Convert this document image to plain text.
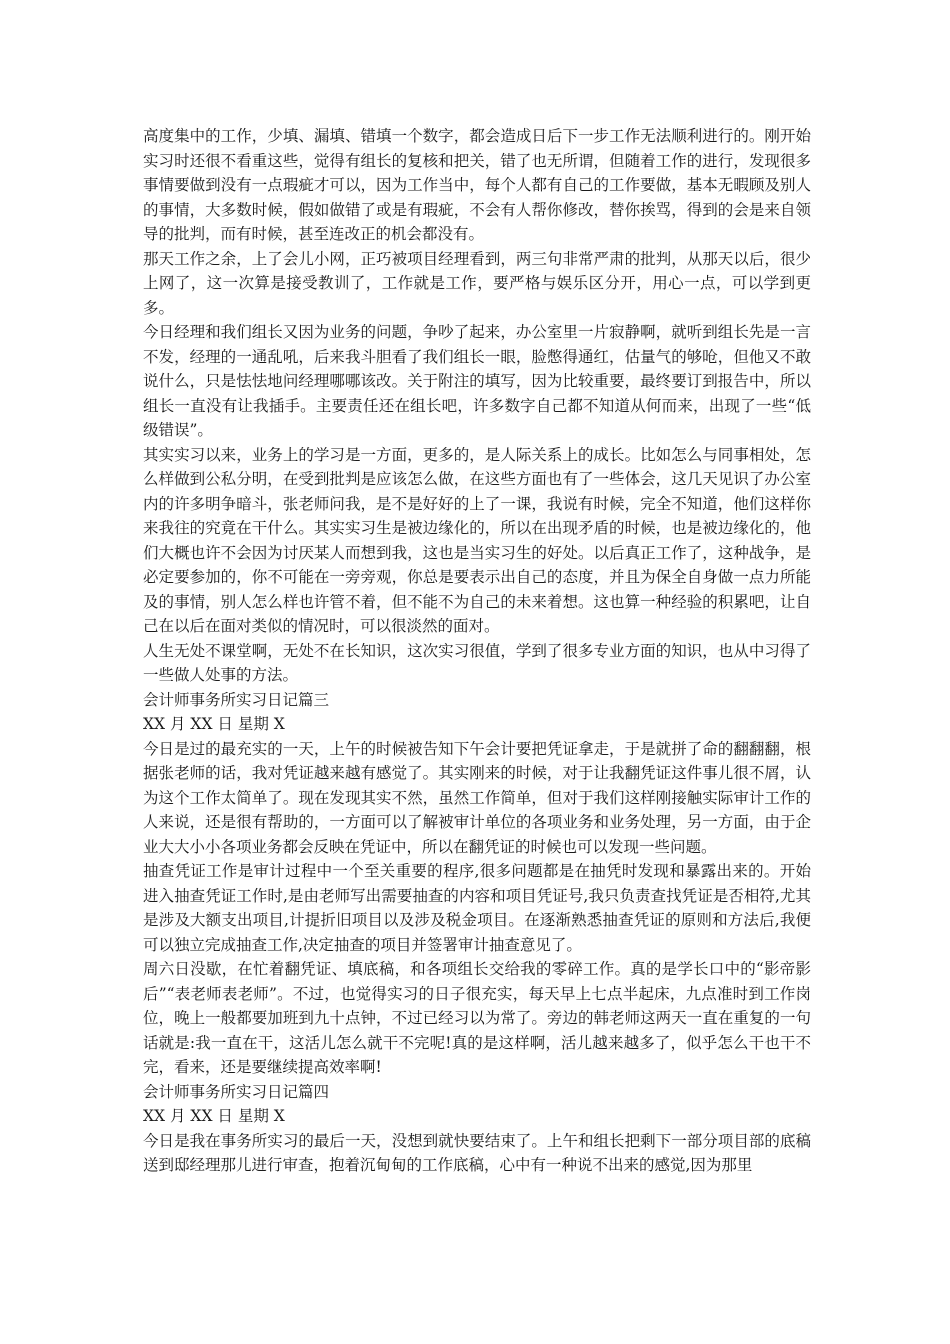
高度集中的工作，少填、漏填、错填一个数字，都会造成日后下一步工作无法顺利进行的。刚开始实习时还很不看重这些，觉得有组长的复核和把关，错了也无所谓，但随着工作的进行，发现很多事情要做到没有一点瑕疵才可以，因为工作当中，每个人都有自己的工作要做，基本无暇顾及别人的事情，大多数时候，假如做错了或是有瑕疵，不会有人帮你修改，替你挨骂，得到的会是来自领导的批判，而有时候，甚至连改正的机会都没有。

那天工作之余，上了会儿小网，正巧被项目经理看到，两三句非常严肃的批判，从那天以后，很少上网了，这一次算是接受教训了，工作就是工作，要严格与娱乐区分开，用心一点，可以学到更多。

今日经理和我们组长又因为业务的问题，争吵了起来，办公室里一片寂静啊，就听到组长先是一言不发，经理的一通乱吼，后来我斗胆看了我们组长一眼，脸憋得通红，估量气的够呛，但他又不敢说什么，只是怯怯地问经理哪哪该改。关于附注的填写，因为比较重要，最终要订到报告中，所以组长一直没有让我插手。主要责任还在组长吧，许多数字自己都不知道从何而来，出现了一些“低级错误”。

其实实习以来，业务上的学习是一方面，更多的，是人际关系上的成长。比如怎么与同事相处，怎么样做到公私分明，在受到批判是应该怎么做，在这些方面也有了一些体会，这几天见识了办公室内的许多明争暗斗，张老师问我，是不是好好的上了一课，我说有时候，完全不知道，他们这样你来我往的究竟在干什么。其实实习生是被边缘化的，所以在出现矛盾的时候，也是被边缘化的，他们大概也许不会因为讨厌某人而想到我，这也是当实习生的好处。以后真正工作了，这种战争，是必定要参加的，你不可能在一旁旁观，你总是要表示出自己的态度，并且为保全自身做一点力所能及的事情，别人怎么样也许管不着，但不能不为自己的未来着想。这也算一种经验的积累吧，让自己在以后在面对类似的情况时，可以很淡然的面对。

人生无处不课堂啊，无处不在长知识，这次实习很值，学到了很多专业方面的知识，也从中习得了一些做人处事的方法。

会计师事务所实习日记篇三

XX 月 XX 日 星期 X

今日是过的最充实的一天，上午的时候被告知下午会计要把凭证拿走，于是就拼了命的翻翻翻，根据张老师的话，我对凭证越来越有感觉了。其实刚来的时候，对于让我翻凭证这件事儿很不屑，认为这个工作太简单了。现在发现其实不然，虽然工作简单，但对于我们这样刚接触实际审计工作的人来说，还是很有帮助的，一方面可以了解被审计单位的各项业务和业务处理，另一方面，由于企业大大小小各项业务都会反映在凭证中，所以在翻凭证的时候也可以发现一些问题。

抽查凭证工作是审计过程中一个至关重要的程序,很多问题都是在抽凭时发现和暴露出来的。开始进入抽查凭证工作时,是由老师写出需要抽查的内容和项目凭证号,我只负责查找凭证是否相符,尤其是涉及大额支出项目,计提折旧项目以及涉及税金项目。在逐渐熟悉抽查凭证的原则和方法后,我便可以独立完成抽查工作,决定抽查的项目并签署审计抽查意见了。

周六日没歇，在忙着翻凭证、填底稿，和各项组长交给我的零碎工作。真的是学长口中的“影帝影后”“表老师表老师”。不过，也觉得实习的日子很充实，每天早上七点半起床，九点准时到工作岗位，晚上一般都要加班到九十点钟，不过已经习以为常了。旁边的韩老师这两天一直在重复的一句话就是:我一直在干，这活儿怎么就干不完呢!真的是这样啊，活儿越来越多了，似乎怎么干也干不完，看来，还是要继续提高效率啊!

会计师事务所实习日记篇四

XX 月 XX 日 星期 X

今日是我在事务所实习的最后一天，没想到就快要结束了。上午和组长把剩下一部分项目部的底稿送到邸经理那儿进行审查，抱着沉甸甸的工作底稿，心中有一种说不出来的感觉,因为那里
